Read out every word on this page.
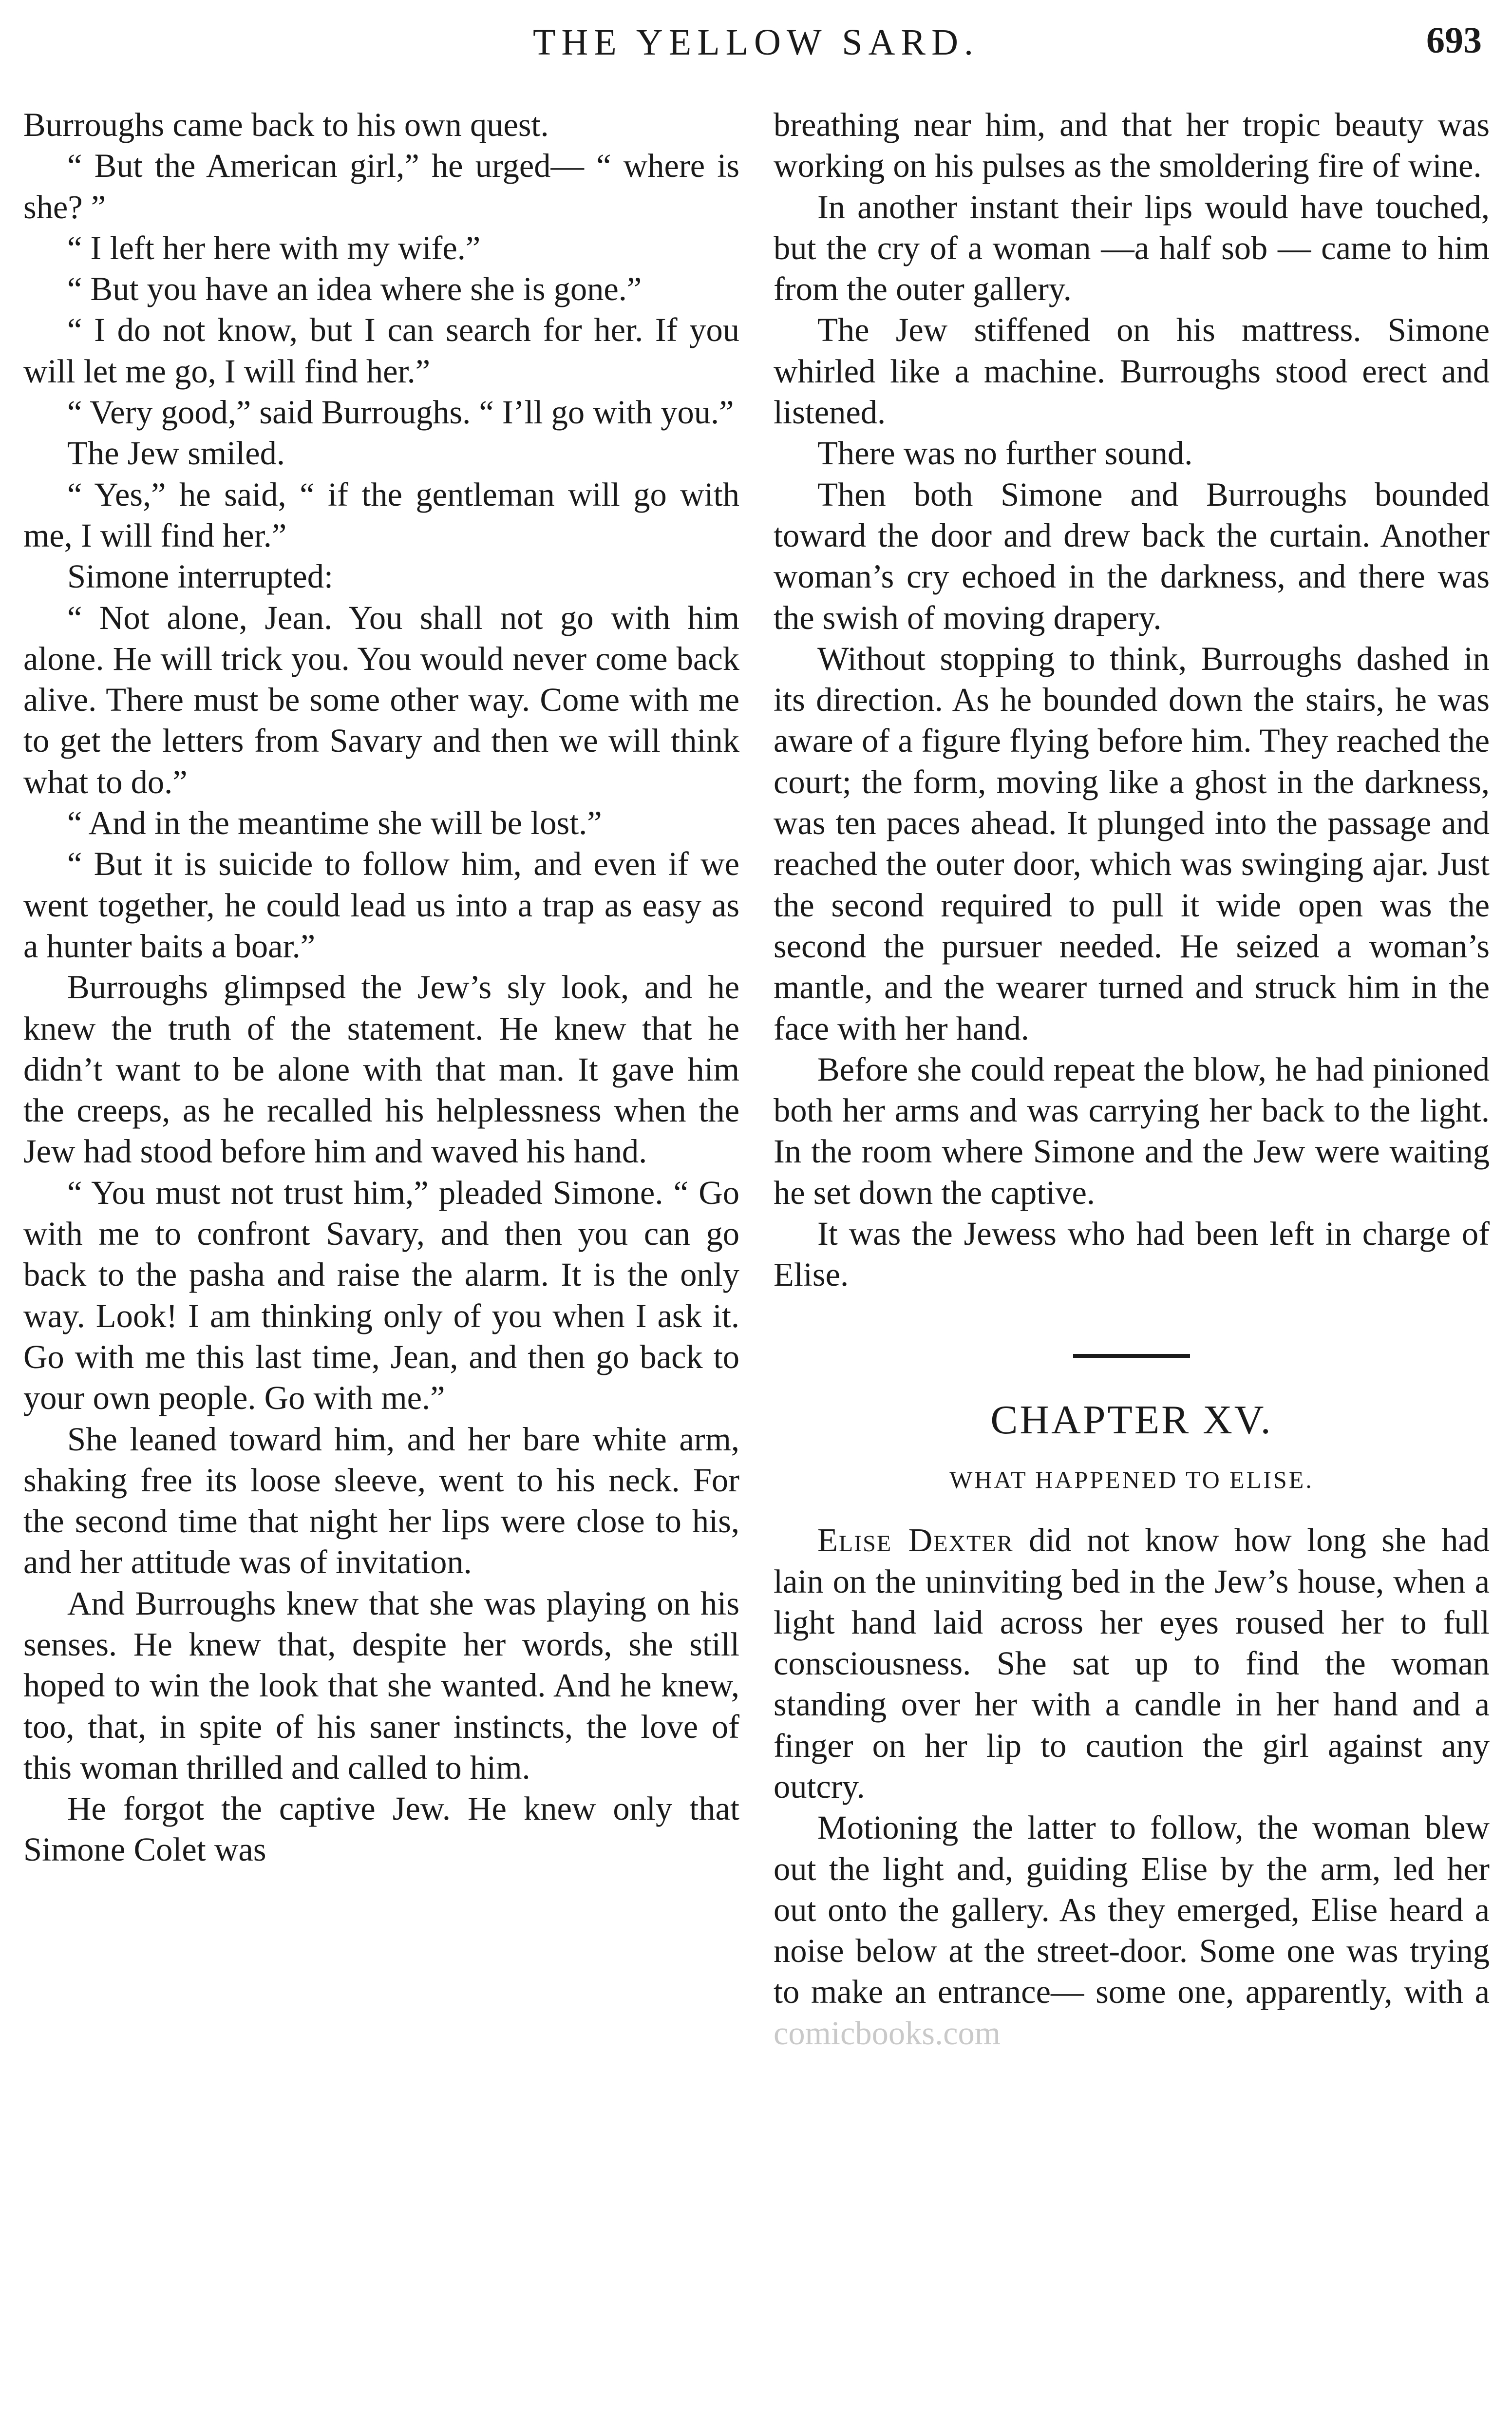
THE YELLOW SARD.	693

Burroughs came back to his own quest.

“ But the American girl,” he urged— “ where is she? ”

“ I left her here with my wife.”

“ But you have an idea where she is gone.”

“ I do not know, but I can search for her. If you will let me go, I will find her.”

“ Very good,” said Burroughs. “ I’ll go with you.”

The Jew smiled.

“ Yes,” he said, “ if the gentleman will go with me, I will find her.”

Simone interrupted:

“ Not alone, Jean. You shall not go with him alone. He will trick you. You would never come back alive. There must be some other way. Come with me to get the letters from Savary and then we will think what to do.”

“ And in the meantime she will be lost.”

“ But it is suicide to follow him, and even if we went together, he could lead us into a trap as easy as a hunter baits a boar.”

Burroughs glimpsed the Jew’s sly look, and he knew the truth of the statement. He knew that he didn’t want to be alone with that man. It gave him the creeps, as he recalled his helplessness when the Jew had stood before him and waved his hand.

“ You must not trust him,” pleaded Simone. “ Go with me to confront Savary, and then you can go back to the pasha and raise the alarm. It is the only way. Look! I am thinking only of you when I ask it. Go with me this last time, Jean, and then go back to your own people. Go with me.”

She leaned toward him, and her bare white arm, shaking free its loose sleeve, went to his neck. For the second time that night her lips were close to his, and her attitude was of invitation.

And Burroughs knew that she was playing on his senses. He knew that, despite her words, she still hoped to win the look that she wanted. And he knew, too, that, in spite of his saner instincts, the love of this woman thrilled and called to him.

He forgot the captive Jew. He knew only that Simone Colet was

breathing near him, and that her tropic beauty was working on his pulses as the smoldering fire of wine.

In another instant their lips would have touched, but the cry of a woman —a half sob — came to him from the outer gallery.

The Jew stiffened on his mattress. Simone whirled like a machine. Burroughs stood erect and listened.

There was no further sound.

Then both Simone and Burroughs bounded toward the door and drew back the curtain. Another woman’s cry echoed in the darkness, and there was the swish of moving drapery.

Without stopping to think, Burroughs dashed in its direction. As he bounded down the stairs, he was aware of a figure flying before him. They reached the court; the form, moving like a ghost in the darkness, was ten paces ahead. It plunged into the passage and reached the outer door, which was swinging ajar. Just the second required to pull it wide open was the second the pursuer needed. He seized a woman’s mantle, and the wearer turned and struck him in the face with her hand.

Before she could repeat the blow, he had pinioned both her arms and was carrying her back to the light. In the room where Simone and the Jew were waiting he set down the captive.

It was the Jewess who had been left in charge of Elise.

CHAPTER XV.
WHAT HAPPENED TO ELISE.

Elise Dexter did not know how long she had lain on the uninviting bed in the Jew’s house, when a light hand laid across her eyes roused her to full consciousness. She sat up to find the woman standing over her with a candle in her hand and a finger on her lip to caution the girl against any outcry.

Motioning the latter to follow, the woman blew out the light and, guiding Elise by the arm, led her out onto the gallery. As they emerged, Elise heard a noise below at the street-door. Some one was trying to make an entrance— some one, apparently, with a comicbooks.com
